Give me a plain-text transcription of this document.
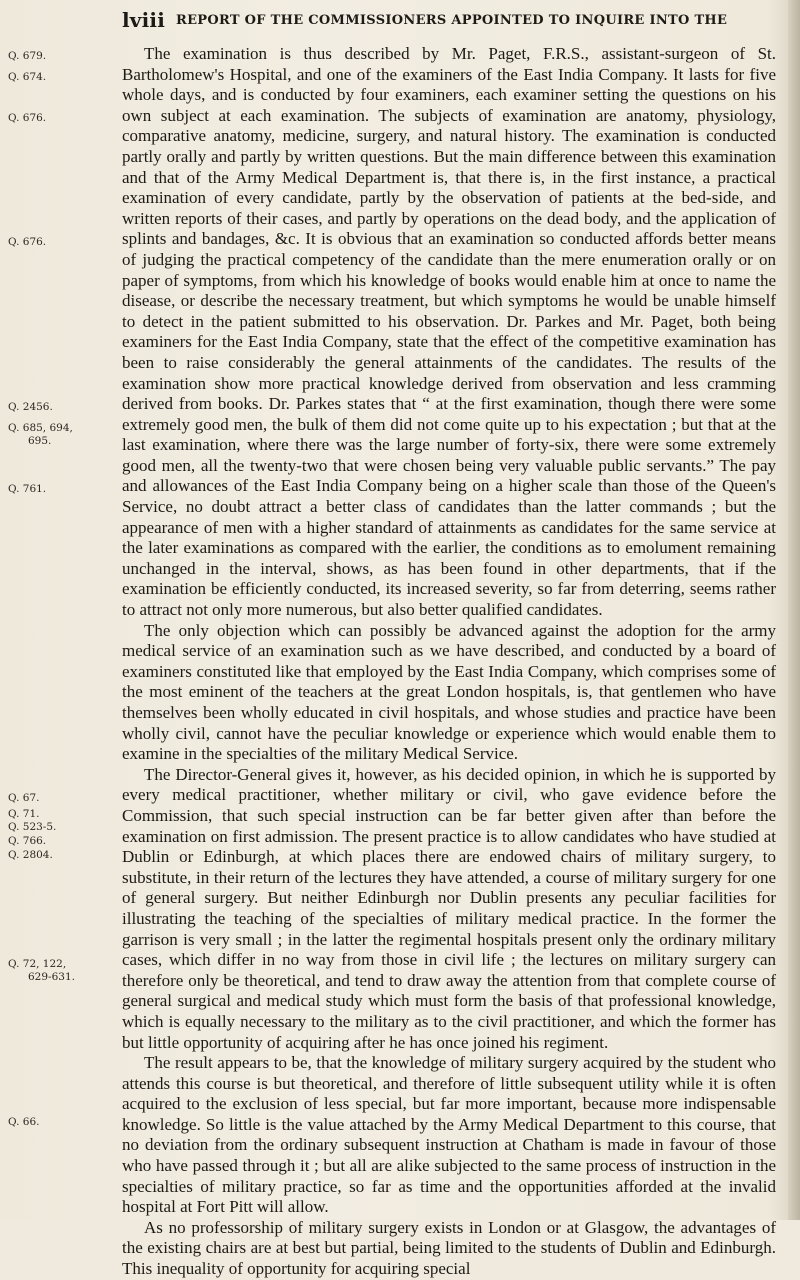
lviii REPORT OF THE COMMISSIONERS APPOINTED TO INQUIRE INTO THE
Q. 679.
Q. 674.
Q. 676.
Q. 676.
Q. 2456.
Q. 685, 694,
695.
Q. 761.
Q. 67.
Q. 71.
Q. 523-5.
Q. 766.
Q. 2804.
Q. 72, 122,
629-631.
Q. 66.

The examination is thus described by Mr. Paget, F.R.S., assistant-surgeon of St. Bartholomew's Hospital, and one of the examiners of the East India Company. It lasts for five whole days, and is conducted by four examiners, each examiner setting the questions on his own subject at each examination. The subjects of examination are anatomy, physiology, comparative anatomy, medicine, surgery, and natural history. The examination is conducted partly orally and partly by written questions. But the main difference between this examination and that of the Army Medical Department is, that there is, in the first instance, a practical examination of every candidate, partly by the observation of patients at the bed-side, and written reports of their cases, and partly by operations on the dead body, and the application of splints and bandages, &c. It is obvious that an examination so conducted affords better means of judging the practical competency of the candidate than the mere enumeration orally or on paper of symptoms, from which his knowledge of books would enable him at once to name the disease, or describe the necessary treatment, but which symptoms he would be unable himself to detect in the patient submitted to his observation. Dr. Parkes and Mr. Paget, both being examiners for the East India Company, state that the effect of the competitive examination has been to raise considerably the general attainments of the candidates. The results of the examination show more practical knowledge derived from observation and less cramming derived from books. Dr. Parkes states that “ at the first examination, though there were some extremely good men, the bulk of them did not come quite up to his expectation ; but that at the last examination, where there was the large number of forty-six, there were some extremely good men, all the twenty-two that were chosen being very valuable public servants.” The pay and allowances of the East India Company being on a higher scale than those of the Queen's Service, no doubt attract a better class of candidates than the latter commands ; but the appearance of men with a higher standard of attainments as candidates for the same service at the later examinations as compared with the earlier, the conditions as to emolument remaining unchanged in the interval, shows, as has been found in other departments, that if the examination be efficiently conducted, its increased severity, so far from deterring, seems rather to attract not only more numerous, but also better qualified candidates.

The only objection which can possibly be advanced against the adoption for the army medical service of an examination such as we have described, and conducted by a board of examiners constituted like that employed by the East India Company, which comprises some of the most eminent of the teachers at the great London hospitals, is, that gentlemen who have themselves been wholly educated in civil hospitals, and whose studies and practice have been wholly civil, cannot have the peculiar knowledge or experience which would enable them to examine in the specialties of the military Medical Service.

The Director-General gives it, however, as his decided opinion, in which he is supported by every medical practitioner, whether military or civil, who gave evidence before the Commission, that such special instruction can be far better given after than before the examination on first admission. The present practice is to allow candidates who have studied at Dublin or Edinburgh, at which places there are endowed chairs of military surgery, to substitute, in their return of the lectures they have attended, a course of military surgery for one of general surgery. But neither Edinburgh nor Dublin presents any peculiar facilities for illustrating the teaching of the specialties of military medical practice. In the former the garrison is very small ; in the latter the regimental hospitals present only the ordinary military cases, which differ in no way from those in civil life ; the lectures on military surgery can therefore only be theoretical, and tend to draw away the attention from that complete course of general surgical and medical study which must form the basis of that professional knowledge, which is equally necessary to the military as to the civil practitioner, and which the former has but little opportunity of acquiring after he has once joined his regiment.

The result appears to be, that the knowledge of military surgery acquired by the student who attends this course is but theoretical, and therefore of little subsequent utility while it is often acquired to the exclusion of less special, but far more important, because more indispensable knowledge. So little is the value attached by the Army Medical Department to this course, that no deviation from the ordinary subsequent instruction at Chatham is made in favour of those who have passed through it ; but all are alike subjected to the same process of instruction in the specialties of military practice, so far as time and the opportunities afforded at the invalid hospital at Fort Pitt will allow.

As no professorship of military surgery exists in London or at Glasgow, the advantages of the existing chairs are at best but partial, being limited to the students of Dublin and Edinburgh. This inequality of opportunity for acquiring special
